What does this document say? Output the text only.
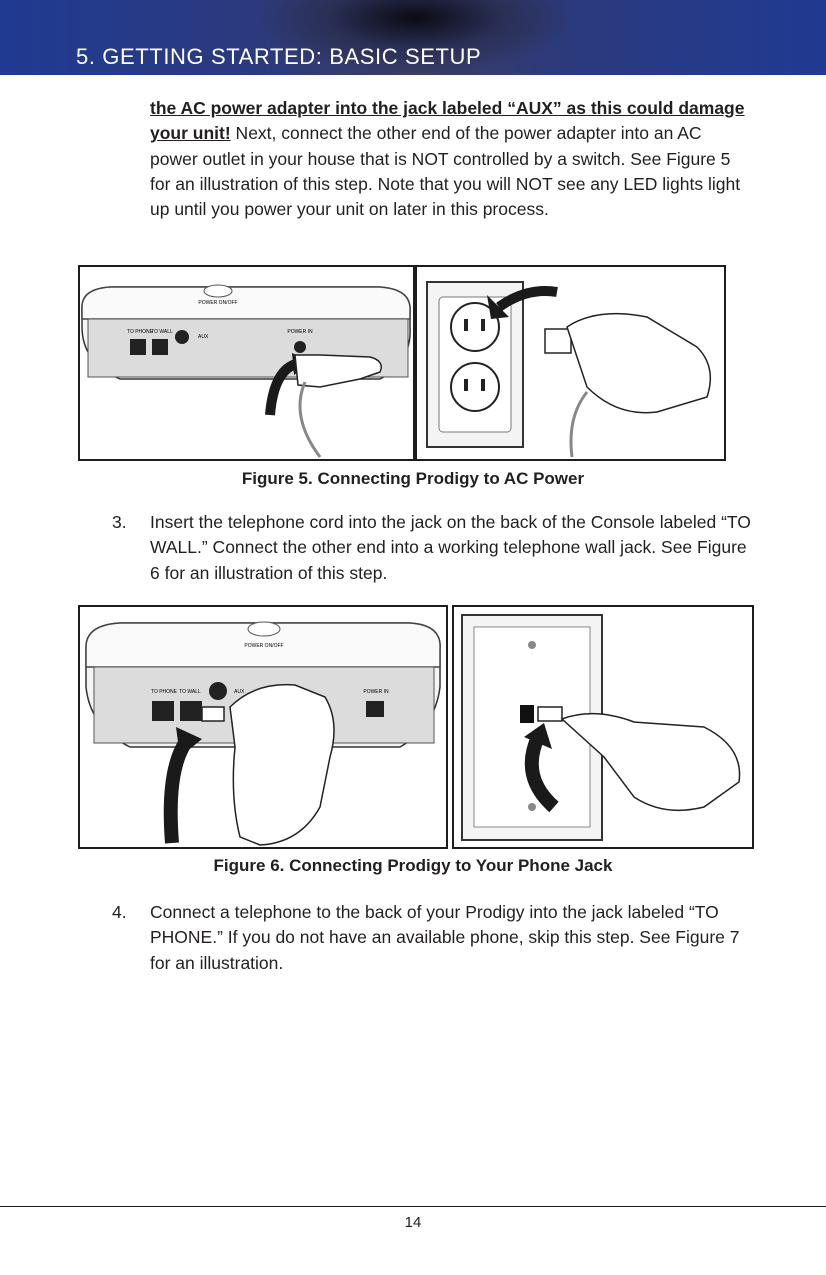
5. GETTING STARTED: BASIC SETUP

the AC power adapter into the jack labeled “AUX” as this could damage your unit! Next, connect the other end of the power adapter into an AC power outlet in your house that is NOT controlled by a switch. See Figure 5 for an illustration of this step. Note that you will NOT see any LED lights light up until you power your unit on later in this process.

POWER ON/OFF
TO PHONE
TO WALL
AUX
POWER IN

Figure 5. Connecting Prodigy to AC Power

3. Insert the telephone cord into the jack on the back of the Console labeled “TO WALL.” Connect the other end into a working telephone wall jack. See Figure 6 for an illustration of this step.
POWER ON/OFF
TO PHONE TO WALL	AUX	POWER IN

Figure 6. Connecting Prodigy to Your Phone Jack

4. Connect a telephone to the back of your Prodigy into the jack labeled “TO PHONE.” If you do not have an available phone, skip this step. See Figure 7 for an illustration.
14
